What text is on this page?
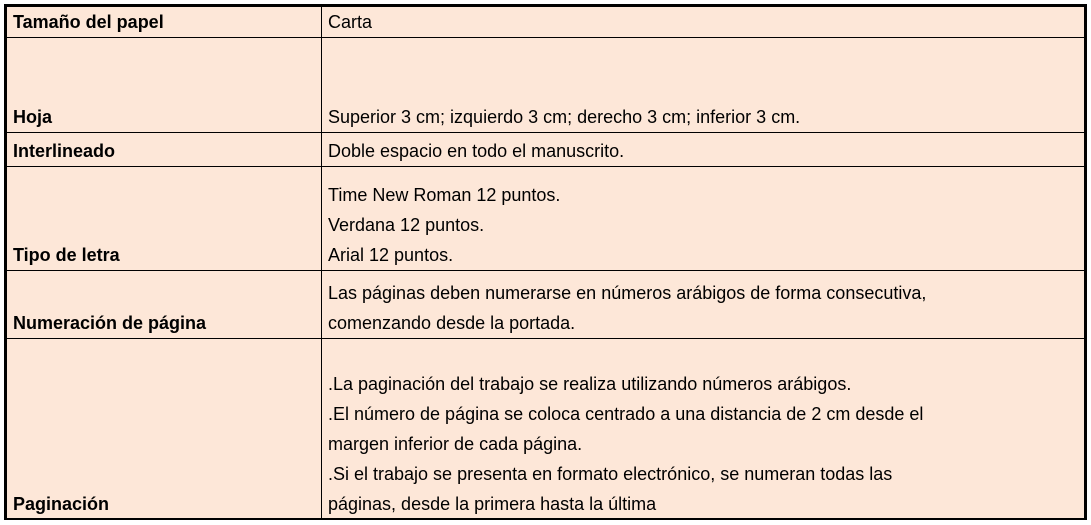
Tamaño del papel	Carta

Hoja	Superior 3 cm; izquierdo 3 cm; derecho 3 cm; inferior 3 cm.

Interlineado	Doble espacio en todo el manuscrito.

Tipo de letra	Time New Roman 12 puntos.
Verdana 12 puntos.
Arial 12 puntos.

Numeración de página	Las páginas deben numerarse en números arábigos de forma consecutiva,
comenzando desde la portada.

Paginación	.La paginación del trabajo se realiza utilizando números arábigos.
.El número de página se coloca centrado a una distancia de 2 cm desde el
margen inferior de cada página.
.Si el trabajo se presenta en formato electrónico, se numeran todas las
páginas, desde la primera hasta la última
